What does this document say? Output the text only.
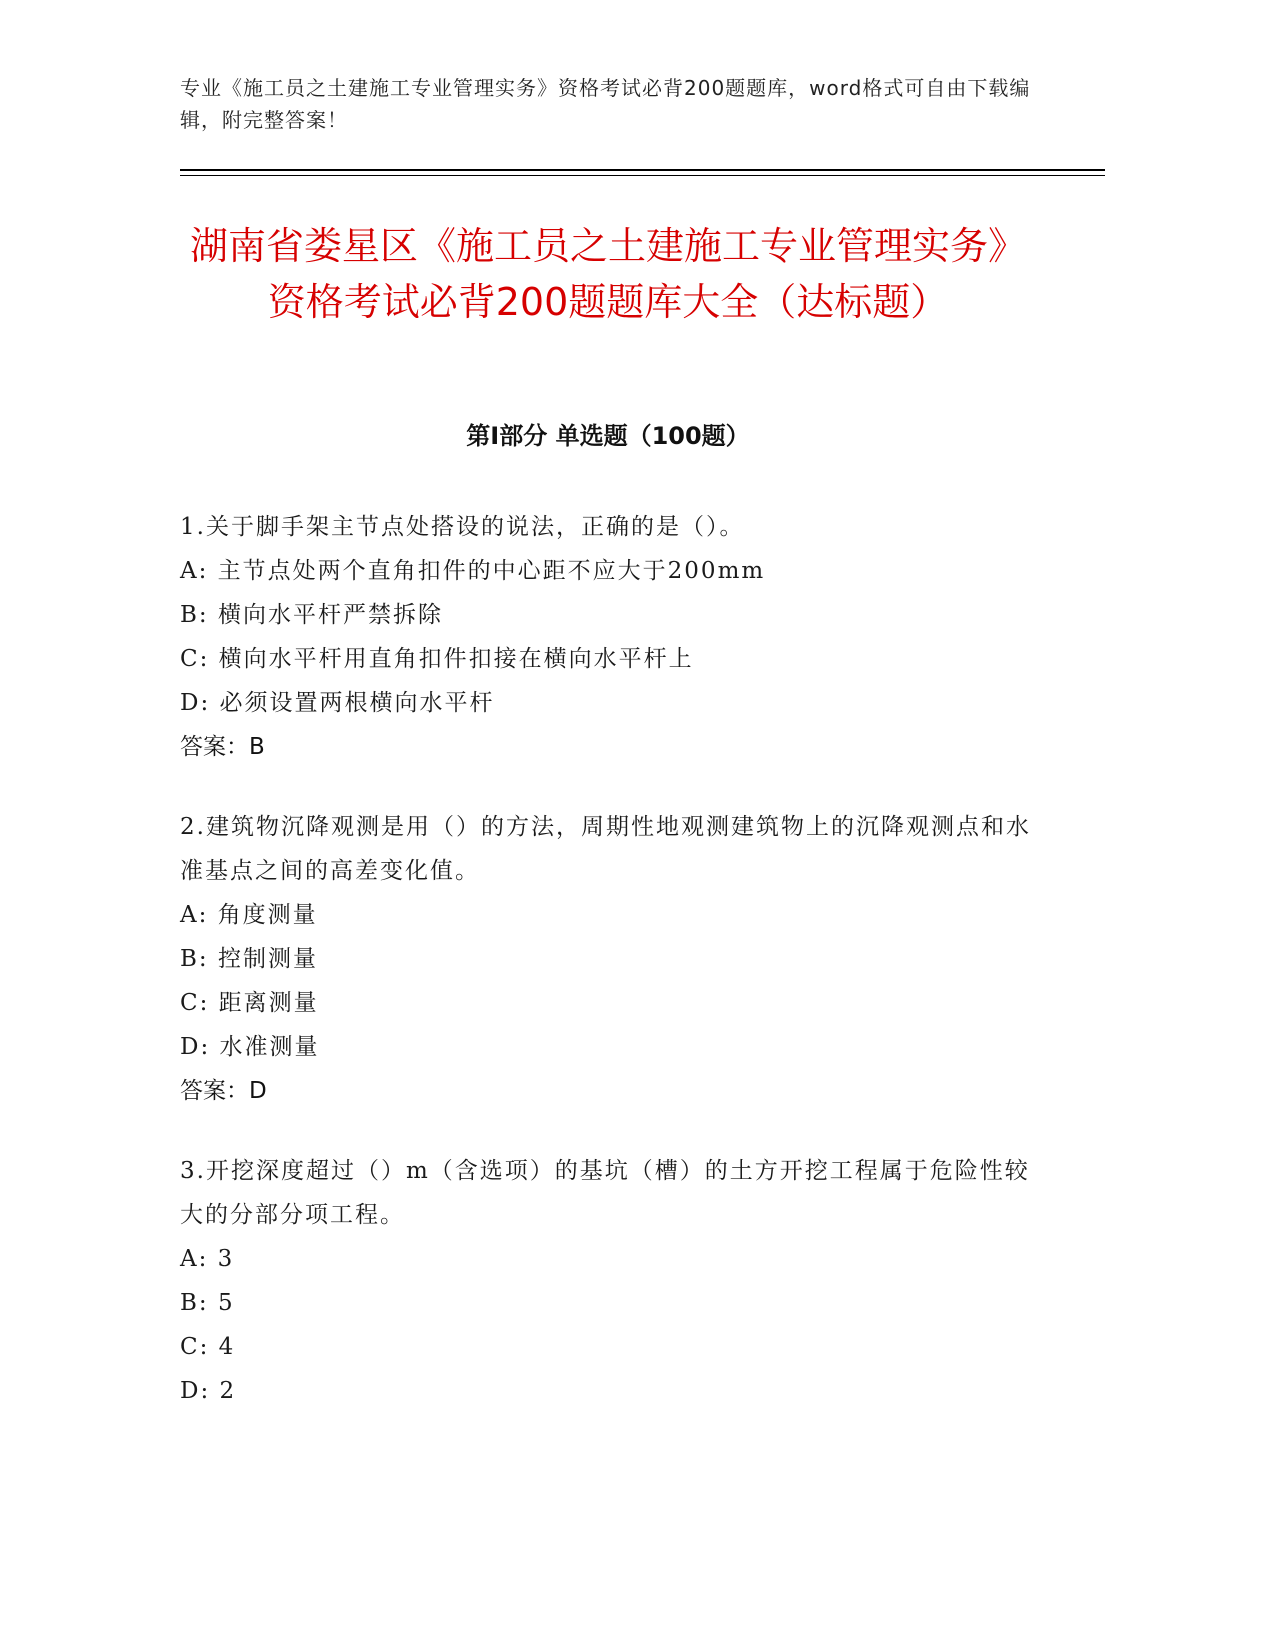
专业《施工员之土建施工专业管理实务》资格考试必背200题题库，word格式可自由下载编辑，附完整答案！
湖南省娄星区《施工员之土建施工专业管理实务》资格考试必背200题题库大全（达标题）
第Ⅰ部分 单选题（100题）

1.关于脚手架主节点处搭设的说法，正确的是（）。

A: 主节点处两个直角扣件的中心距不应大于200mm

B: 横向水平杆严禁拆除

C: 横向水平杆用直角扣件扣接在横向水平杆上

D: 必须设置两根横向水平杆

答案：B

2.建筑物沉降观测是用（）的方法，周期性地观测建筑物上的沉降观测点和水准基点之间的高差变化值。

A: 角度测量

B: 控制测量

C: 距离测量

D: 水准测量

答案：D

3.开挖深度超过（）m（含选项）的基坑（槽）的土方开挖工程属于危险性较大的分部分项工程。

A: 3

B: 5

C: 4

D: 2
